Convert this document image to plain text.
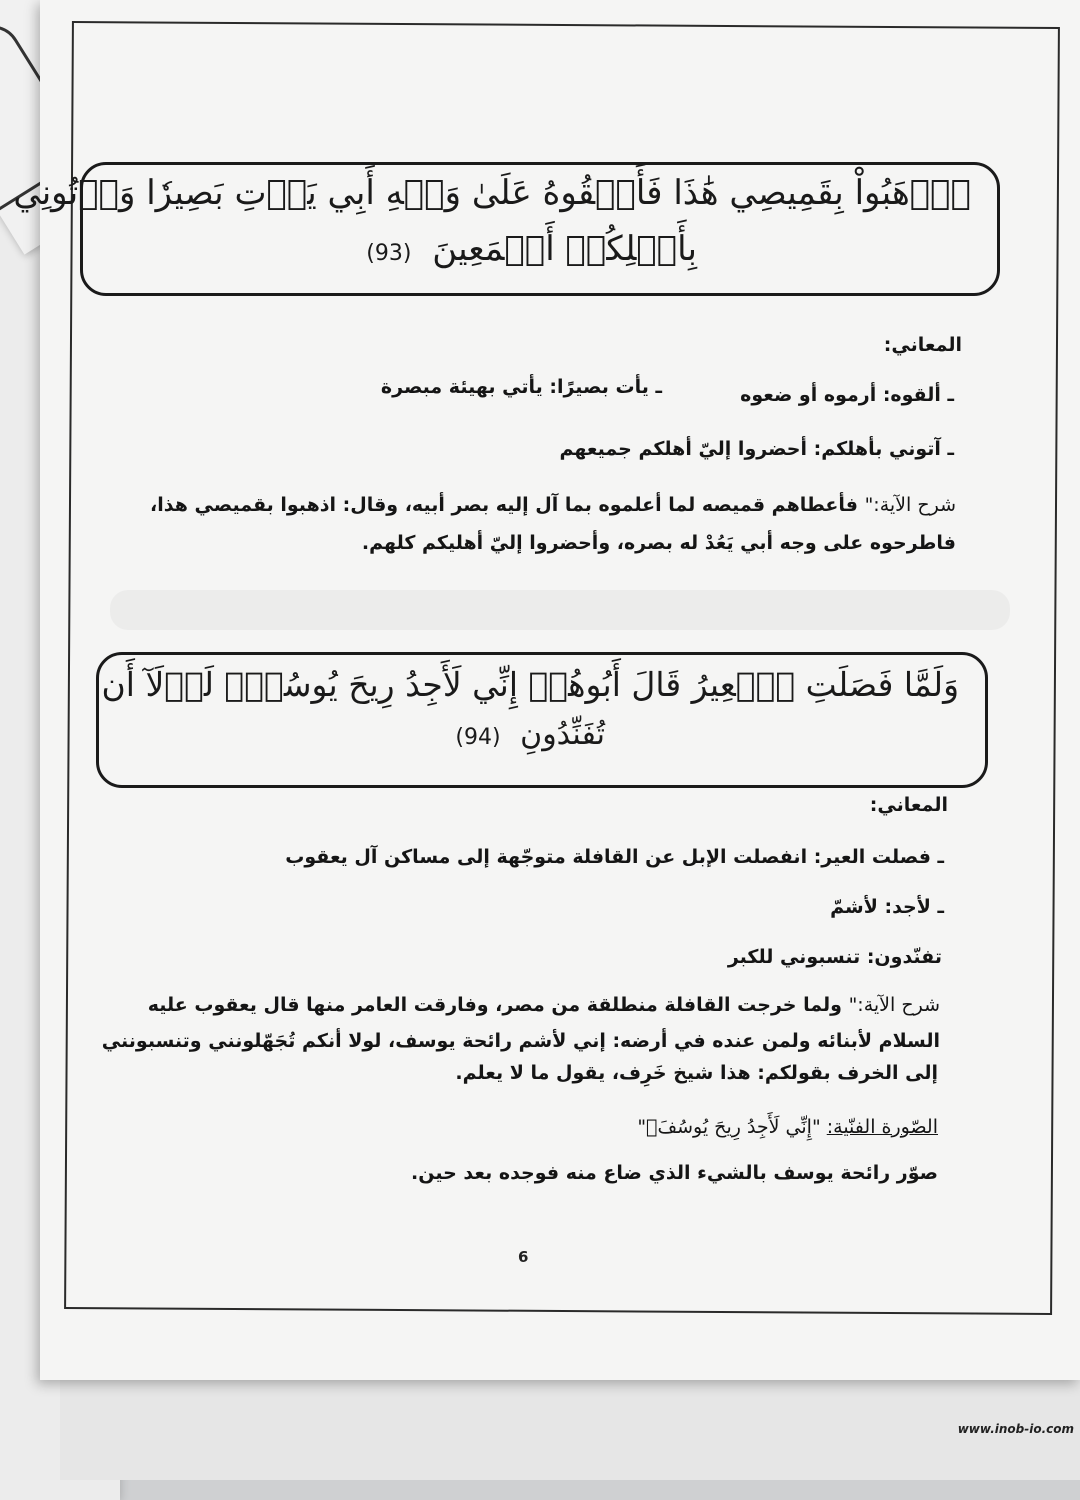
ٱذۡهَبُواْ بِقَمِيصِي هَٰذَا فَأَلۡقُوهُ عَلَىٰ وَجۡهِ أَبِي يَأۡتِ بَصِيرٗا وَأۡتُونِي
بِأَهۡلِكُمۡ أَجۡمَعِينَ (93)
المعاني:
ـ ألقوه: أرموه أو ضعوه
ـ يأت بصيرًا: يأتي بهيئة مبصرة
ـ آتوني بأهلكم: أحضروا إليّ أهلكم جميعهم
شرح الآية:" فأعطاهم قميصه لما أعلموه بما آل إليه بصر أبيه، وقال: اذهبوا بقميصي هذا،
فاطرحوه على وجه أبي يَعُدْ له بصره، وأحضروا إليّ أهليكم كلهم.
وَلَمَّا فَصَلَتِ ٱلۡعِيرُ قَالَ أَبُوهُمۡ إِنِّي لَأَجِدُ رِيحَ يُوسُفَۖ لَوۡلَآ أَن
تُفَنِّدُونِ (94)
المعاني:
ـ فصلت العير: انفصلت الإبل عن القافلة متوجّهة إلى مساكن آل يعقوب
ـ لأجد: لأشمّ
تفنّدون: تنسبوني للكبر
شرح الآية:" ولما خرجت القافلة منطلقة من مصر، وفارقت العامر منها قال يعقوب عليه
السلام لأبنائه ولمن عنده في أرضه: إني لأشم رائحة يوسف، لولا أنكم تُجَهّلونني وتنسبونني
إلى الخرف بقولكم: هذا شيخ خَرِف، يقول ما لا يعلم.
الصّورة الفنّية: "إِنِّي لَأَجِدُ رِيحَ يُوسُفَۖ"
صوّر رائحة يوسف بالشيء الذي ضاع منه فوجده بعد حين.
6
www.inob-io.com
